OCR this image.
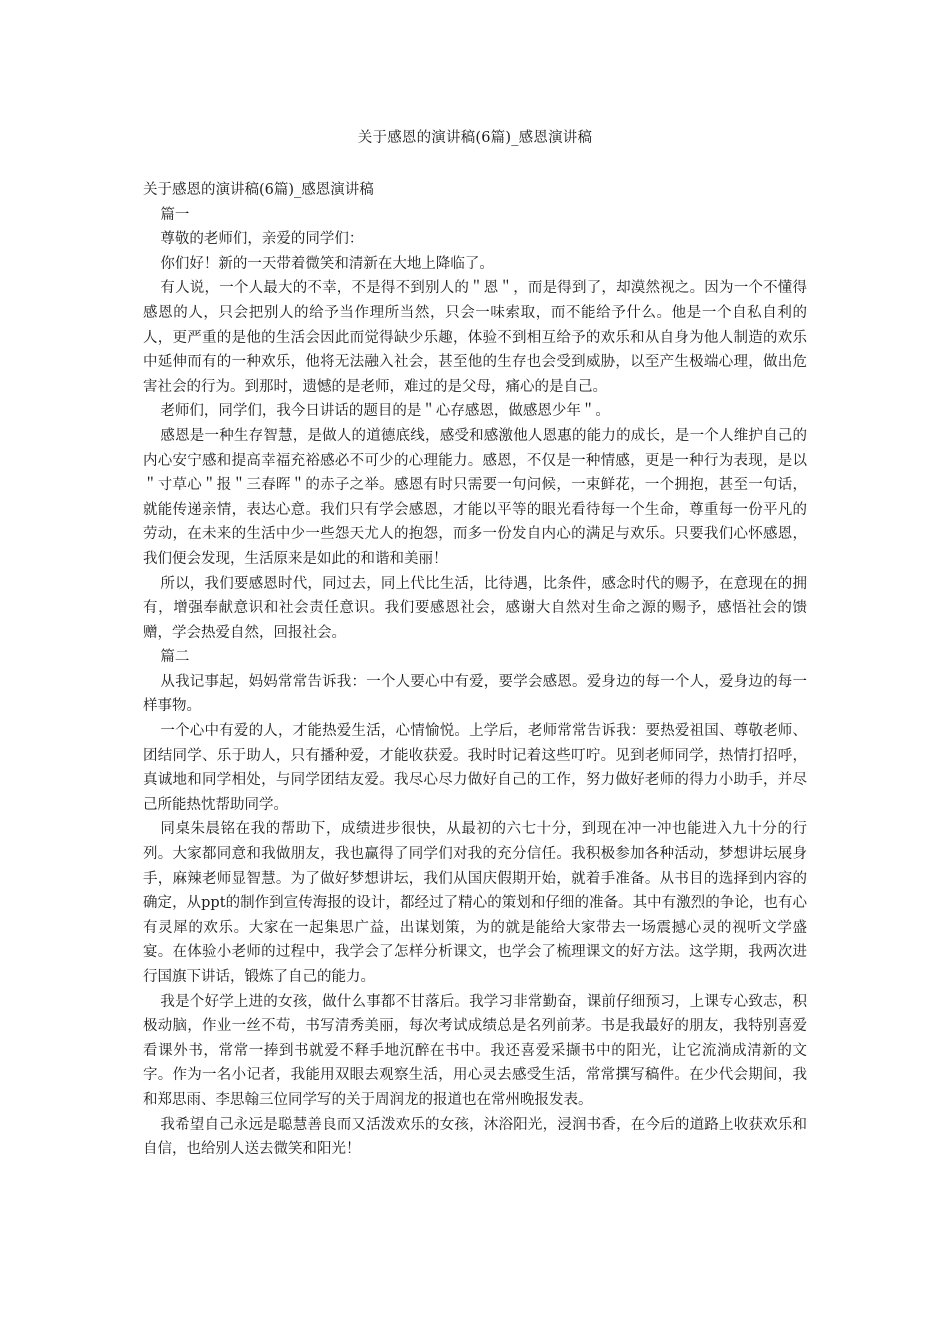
关于感恩的演讲稿(6篇)_感恩演讲稿

关于感恩的演讲稿(6篇)_感恩演讲稿

篇一

尊敬的老师们，亲爱的同学们：

你们好！新的一天带着微笑和清新在大地上降临了。

有人说，一个人最大的不幸，不是得不到别人的＂恩＂，而是得到了，却漠然视之。因为一个不懂得感恩的人，只会把别人的给予当作理所当然，只会一味索取，而不能给予什么。他是一个自私自利的人，更严重的是他的生活会因此而觉得缺少乐趣，体验不到相互给予的欢乐和从自身为他人制造的欢乐中延伸而有的一种欢乐，他将无法融入社会，甚至他的生存也会受到威胁，以至产生极端心理，做出危害社会的行为。到那时，遗憾的是老师，难过的是父母，痛心的是自己。

老师们，同学们，我今日讲话的题目的是＂心存感恩，做感恩少年＂。

感恩是一种生存智慧，是做人的道德底线，感受和感激他人恩惠的能力的成长，是一个人维护自己的内心安宁感和提高幸福充裕感必不可少的心理能力。感恩，不仅是一种情感，更是一种行为表现，是以＂寸草心＂报＂三春晖＂的赤子之举。感恩有时只需要一句问候，一束鲜花，一个拥抱，甚至一句话，就能传递亲情，表达心意。我们只有学会感恩，才能以平等的眼光看待每一个生命，尊重每一份平凡的劳动，在未来的生活中少一些怨天尤人的抱怨，而多一份发自内心的满足与欢乐。只要我们心怀感恩，我们便会发现，生活原来是如此的和谐和美丽！

所以，我们要感恩时代，同过去，同上代比生活，比待遇，比条件，感念时代的赐予，在意现在的拥有，增强奉献意识和社会责任意识。我们要感恩社会，感谢大自然对生命之源的赐予，感悟社会的馈赠，学会热爱自然，回报社会。

篇二

从我记事起，妈妈常常告诉我：一个人要心中有爱，要学会感恩。爱身边的每一个人，爱身边的每一样事物。

一个心中有爱的人，才能热爱生活，心情愉悦。上学后，老师常常告诉我：要热爱祖国、尊敬老师、团结同学、乐于助人，只有播种爱，才能收获爱。我时时记着这些叮咛。见到老师同学，热情打招呼，真诚地和同学相处，与同学团结友爱。我尽心尽力做好自己的工作，努力做好老师的得力小助手，并尽己所能热忱帮助同学。

同桌朱晨铭在我的帮助下，成绩进步很快，从最初的六七十分，到现在冲一冲也能进入九十分的行列。大家都同意和我做朋友，我也赢得了同学们对我的充分信任。我积极参加各种活动，梦想讲坛展身手，麻辣老师显智慧。为了做好梦想讲坛，我们从国庆假期开始，就着手准备。从书目的选择到内容的确定，从ppt的制作到宣传海报的设计，都经过了精心的策划和仔细的准备。其中有激烈的争论，也有心有灵犀的欢乐。大家在一起集思广益，出谋划策，为的就是能给大家带去一场震撼心灵的视听文学盛宴。在体验小老师的过程中，我学会了怎样分析课文，也学会了梳理课文的好方法。这学期，我两次进行国旗下讲话，锻炼了自己的能力。

我是个好学上进的女孩，做什么事都不甘落后。我学习非常勤奋，课前仔细预习，上课专心致志，积极动脑，作业一丝不苟，书写清秀美丽，每次考试成绩总是名列前茅。书是我最好的朋友，我特别喜爱看课外书，常常一捧到书就爱不释手地沉醉在书中。我还喜爱采撷书中的阳光，让它流淌成清新的文字。作为一名小记者，我能用双眼去观察生活，用心灵去感受生活，常常撰写稿件。在少代会期间，我和郑思雨、李思翰三位同学写的关于周润龙的报道也在常州晚报发表。

我希望自己永远是聪慧善良而又活泼欢乐的女孩，沐浴阳光，浸润书香，在今后的道路上收获欢乐和自信，也给别人送去微笑和阳光！
